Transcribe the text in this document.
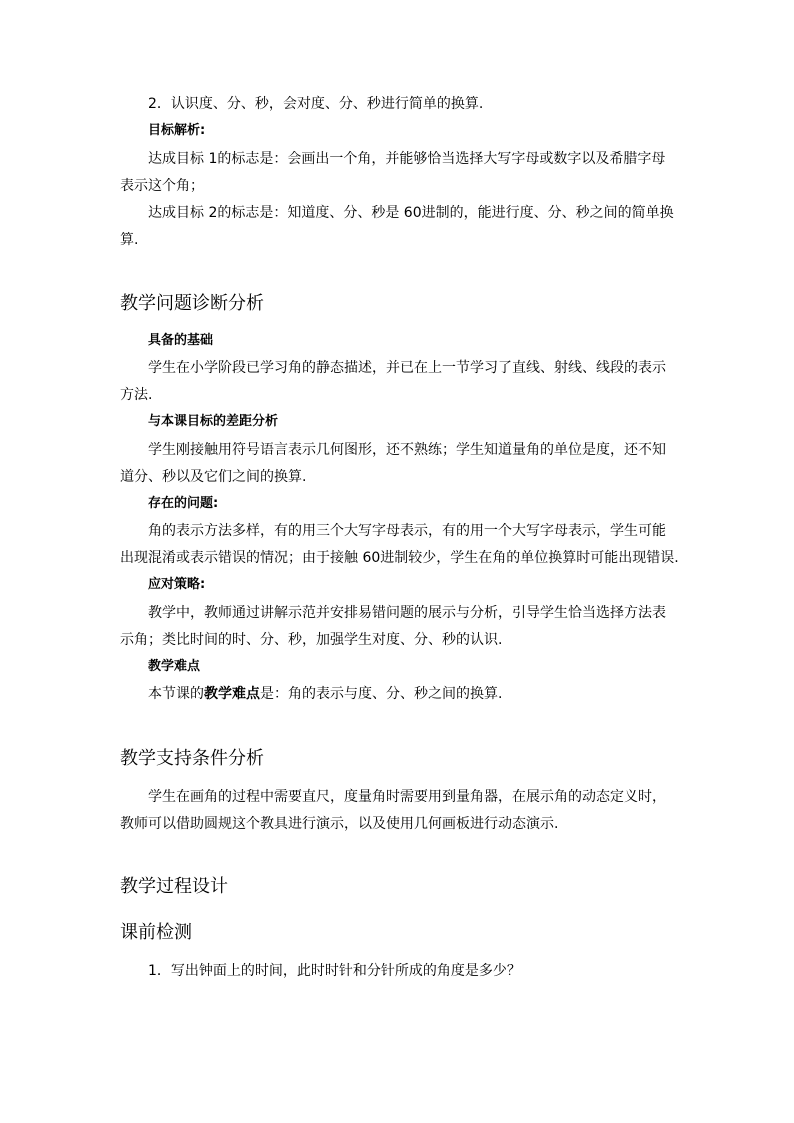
2．认识度、分、秒，会对度、分、秒进行简单的换算.
目标解析:
达成目标 1的标志是：会画出一个角，并能够恰当选择大写字母或数字以及希腊字母
表示这个角；
达成目标 2的标志是：知道度、分、秒是 60进制的，能进行度、分、秒之间的简单换
算.
教学问题诊断分析
具备的基础
学生在小学阶段已学习角的静态描述，并已在上一节学习了直线、射线、线段的表示
方法.
与本课目标的差距分析
学生刚接触用符号语言表示几何图形，还不熟练；学生知道量角的单位是度，还不知
道分、秒以及它们之间的换算.
存在的问题:
角的表示方法多样，有的用三个大写字母表示，有的用一个大写字母表示，学生可能
出现混淆或表示错误的情况；由于接触 60进制较少，学生在角的单位换算时可能出现错误.
应对策略:
教学中，教师通过讲解示范并安排易错问题的展示与分析，引导学生恰当选择方法表
示角；类比时间的时、分、秒，加强学生对度、分、秒的认识.
教学难点
本节课的教学难点是：角的表示与度、分、秒之间的换算.
教学支持条件分析
学生在画角的过程中需要直尺，度量角时需要用到量角器，在展示角的动态定义时，
教师可以借助圆规这个教具进行演示，以及使用几何画板进行动态演示.
教学过程设计
课前检测
1．写出钟面上的时间，此时时针和分针所成的角度是多少？
